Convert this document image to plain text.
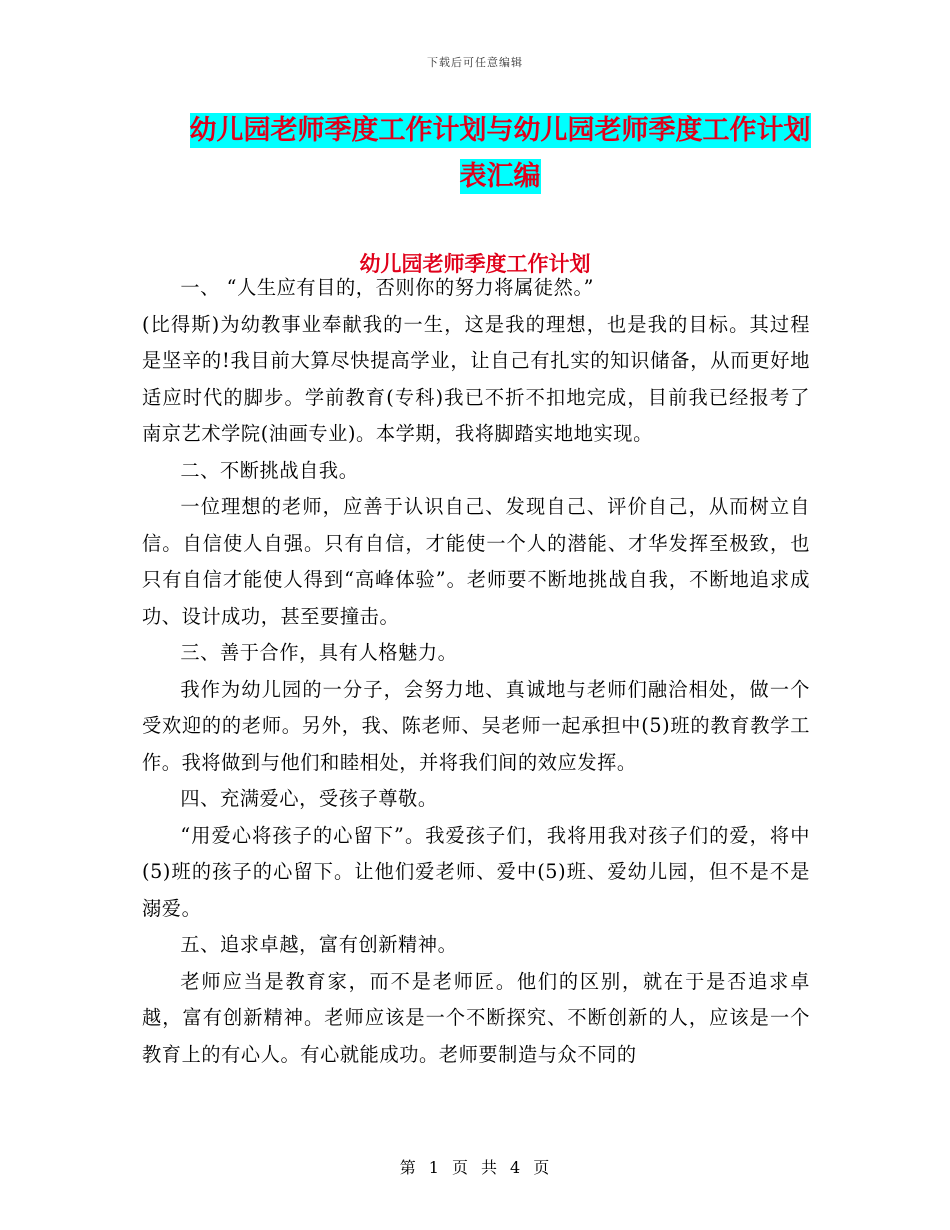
下载后可任意编辑
幼儿园老师季度工作计划与幼儿园老师季度工作计划
表汇编
幼儿园老师季度工作计划

一、 “人生应有目的，否则你的努力将属徒然。”

(比得斯)为幼教事业奉献我的一生，这是我的理想，也是我的目标。其过程是坚辛的!我目前大算尽快提高学业，让自己有扎实的知识储备，从而更好地适应时代的脚步。学前教育(专科)我已不折不扣地完成，目前我已经报考了南京艺术学院(油画专业)。本学期，我将脚踏实地地实现。

二、不断挑战自我。

一位理想的老师，应善于认识自己、发现自己、评价自己，从而树立自信。自信使人自强。只有自信，才能使一个人的潜能、才华发挥至极致，也只有自信才能使人得到“高峰体验”。老师要不断地挑战自我，不断地追求成功、设计成功，甚至要撞击。

三、善于合作，具有人格魅力。

我作为幼儿园的一分子，会努力地、真诚地与老师们融洽相处，做一个受欢迎的的老师。另外，我、陈老师、吴老师一起承担中(5)班的教育教学工作。我将做到与他们和睦相处，并将我们间的效应发挥。

四、充满爱心，受孩子尊敬。

“用爱心将孩子的心留下”。我爱孩子们，我将用我对孩子们的爱，将中(5)班的孩子的心留下。让他们爱老师、爱中(5)班、爱幼儿园，但不是不是溺爱。

五、追求卓越，富有创新精神。

老师应当是教育家，而不是老师匠。他们的区别，就在于是否追求卓越，富有创新精神。老师应该是一个不断探究、不断创新的人，应该是一个教育上的有心人。有心就能成功。老师要制造与众不同的

第 1 页 共 4 页
